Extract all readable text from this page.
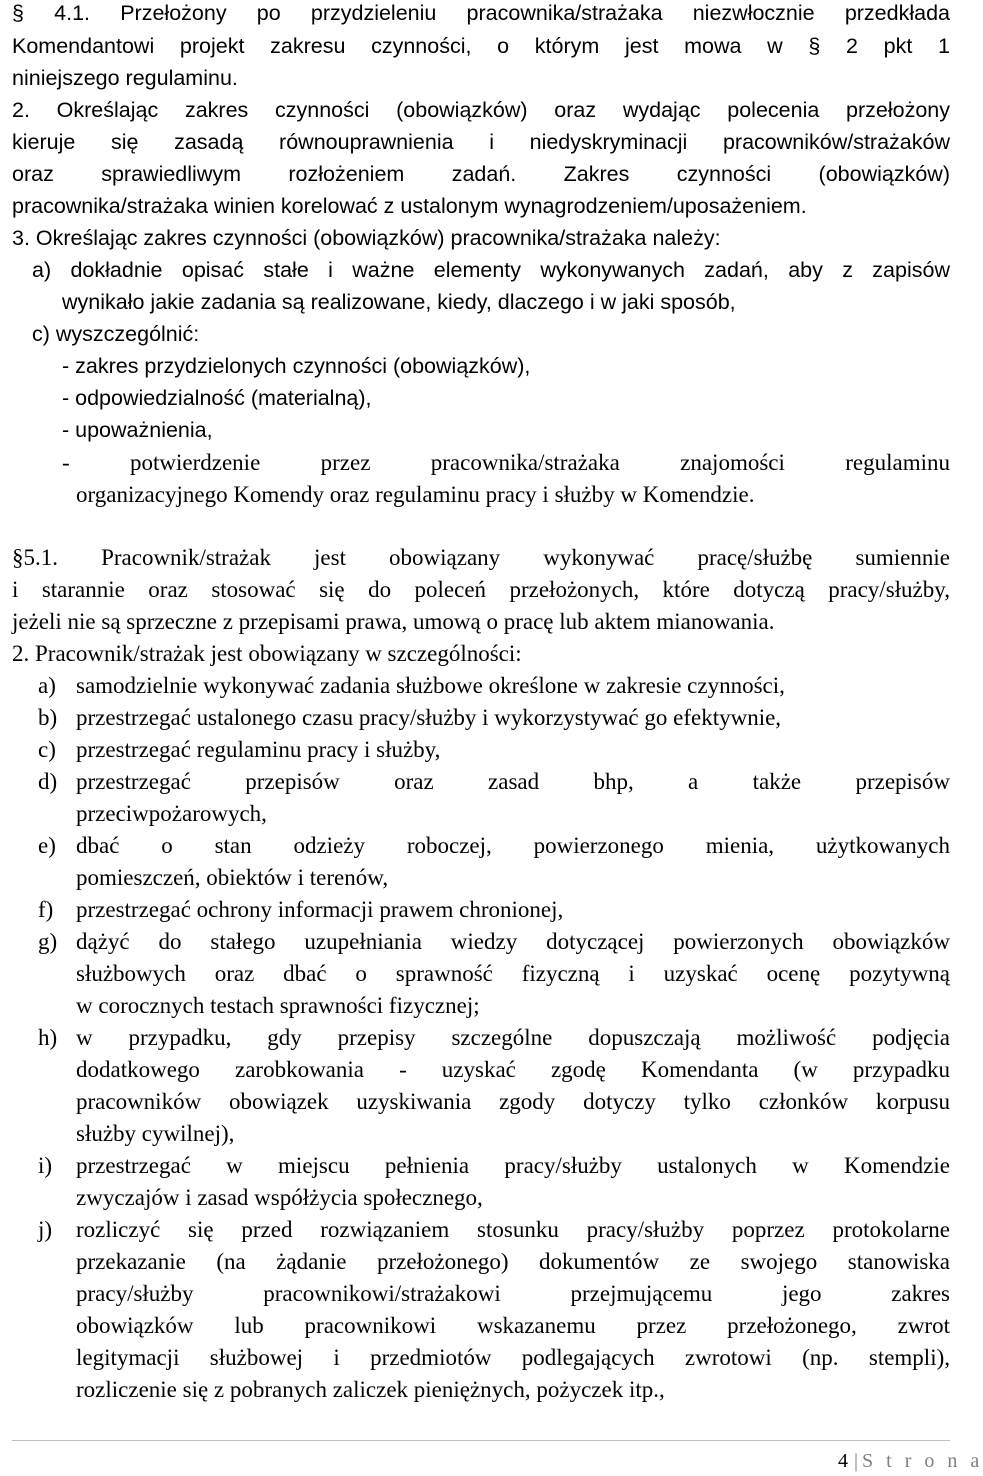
§ 4.1. Przełożony po przydzieleniu pracownika/strażaka niezwłocznie przedkłada
Komendantowi projekt zakresu czynności, o którym jest mowa w § 2 pkt 1
niniejszego regulaminu.
2. Określając zakres czynności (obowiązków) oraz wydając polecenia przełożony
kieruje się zasadą równouprawnienia i niedyskryminacji pracowników/strażaków
oraz sprawiedliwym rozłożeniem zadań. Zakres czynności (obowiązków)
pracownika/strażaka winien korelować z ustalonym wynagrodzeniem/uposażeniem.
3. Określając zakres czynności (obowiązków) pracownika/strażaka należy:
a) dokładnie opisać stałe i ważne elementy wykonywanych zadań, aby z zapisów
wynikało jakie zadania są realizowane, kiedy, dlaczego i w jaki sposób,
c) wyszczególnić:
- zakres przydzielonych czynności (obowiązków),
- odpowiedzialność (materialną),
- upoważnienia,
- potwierdzenie przez pracownika/strażaka znajomości regulaminu
organizacyjnego Komendy oraz regulaminu pracy i służby w Komendzie.
§5.1. Pracownik/strażak jest obowiązany wykonywać pracę/służbę sumiennie
i starannie oraz stosować się do poleceń przełożonych, które dotyczą pracy/służby,
jeżeli nie są sprzeczne z przepisami prawa, umową o pracę lub aktem mianowania.
2. Pracownik/strażak jest obowiązany w szczególności:
a) samodzielnie wykonywać zadania służbowe określone w zakresie czynności,
b) przestrzegać ustalonego czasu pracy/służby i wykorzystywać go efektywnie,
c) przestrzegać regulaminu pracy i służby,
d) przestrzegać przepisów oraz zasad bhp, a także przepisów
przeciwpożarowych,
e) dbać o stan odzieży roboczej, powierzonego mienia, użytkowanych
pomieszczeń, obiektów i terenów,
f) przestrzegać ochrony informacji prawem chronionej,
g) dążyć do stałego uzupełniania wiedzy dotyczącej powierzonych obowiązków
służbowych oraz dbać o sprawność fizyczną i uzyskać ocenę pozytywną
w corocznych testach sprawności fizycznej;
h) w przypadku, gdy przepisy szczególne dopuszczają możliwość podjęcia
dodatkowego zarobkowania - uzyskać zgodę Komendanta (w przypadku
pracowników obowiązek uzyskiwania zgody dotyczy tylko członków korpusu
służby cywilnej),
i) przestrzegać w miejscu pełnienia pracy/służby ustalonych w Komendzie
zwyczajów i zasad współżycia społecznego,
j) rozliczyć się przed rozwiązaniem stosunku pracy/służby poprzez protokolarne
przekazanie (na żądanie przełożonego) dokumentów ze swojego stanowiska
pracy/służby pracownikowi/strażakowi przejmującemu jego zakres
obowiązków lub pracownikowi wskazanemu przez przełożonego, zwrot
legitymacji służbowej i przedmiotów podlegających zwrotowi (np. stempli),
rozliczenie się z pobranych zaliczek pieniężnych, pożyczek itp.,
4 | S t r o n a
